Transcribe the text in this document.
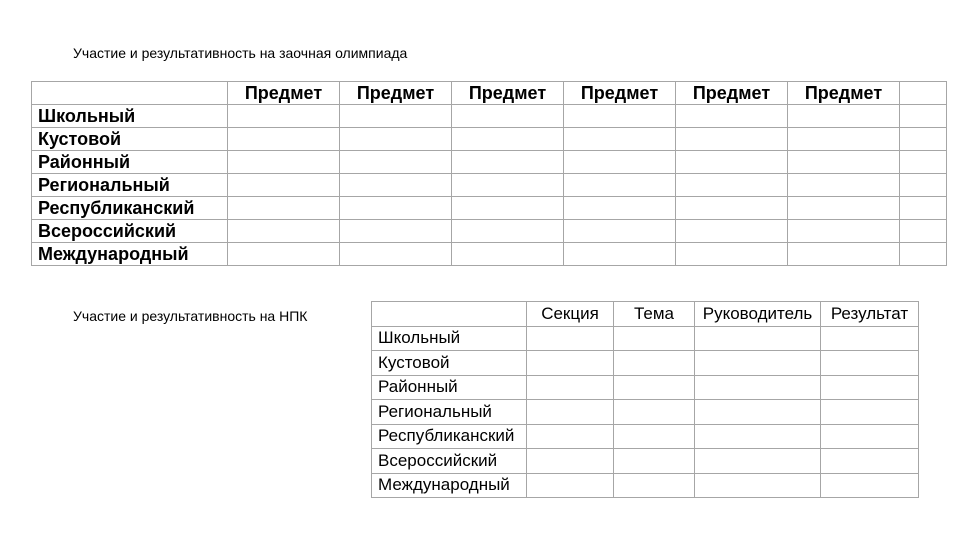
Участие и результативность на заочная олимпиада
	Предмет	Предмет	Предмет	Предмет	Предмет	Предмет	
Школьный							
Кустовой							
Районный							
Региональный							
Республиканский							
Всероссийский							
Международный							
Участие и результативность на НПК
		Секция	Тема	Руководитель	Результат
Школьный				
Кустовой				
Районный				
Региональный				
Республиканский				
Всероссийский				
Международный				
